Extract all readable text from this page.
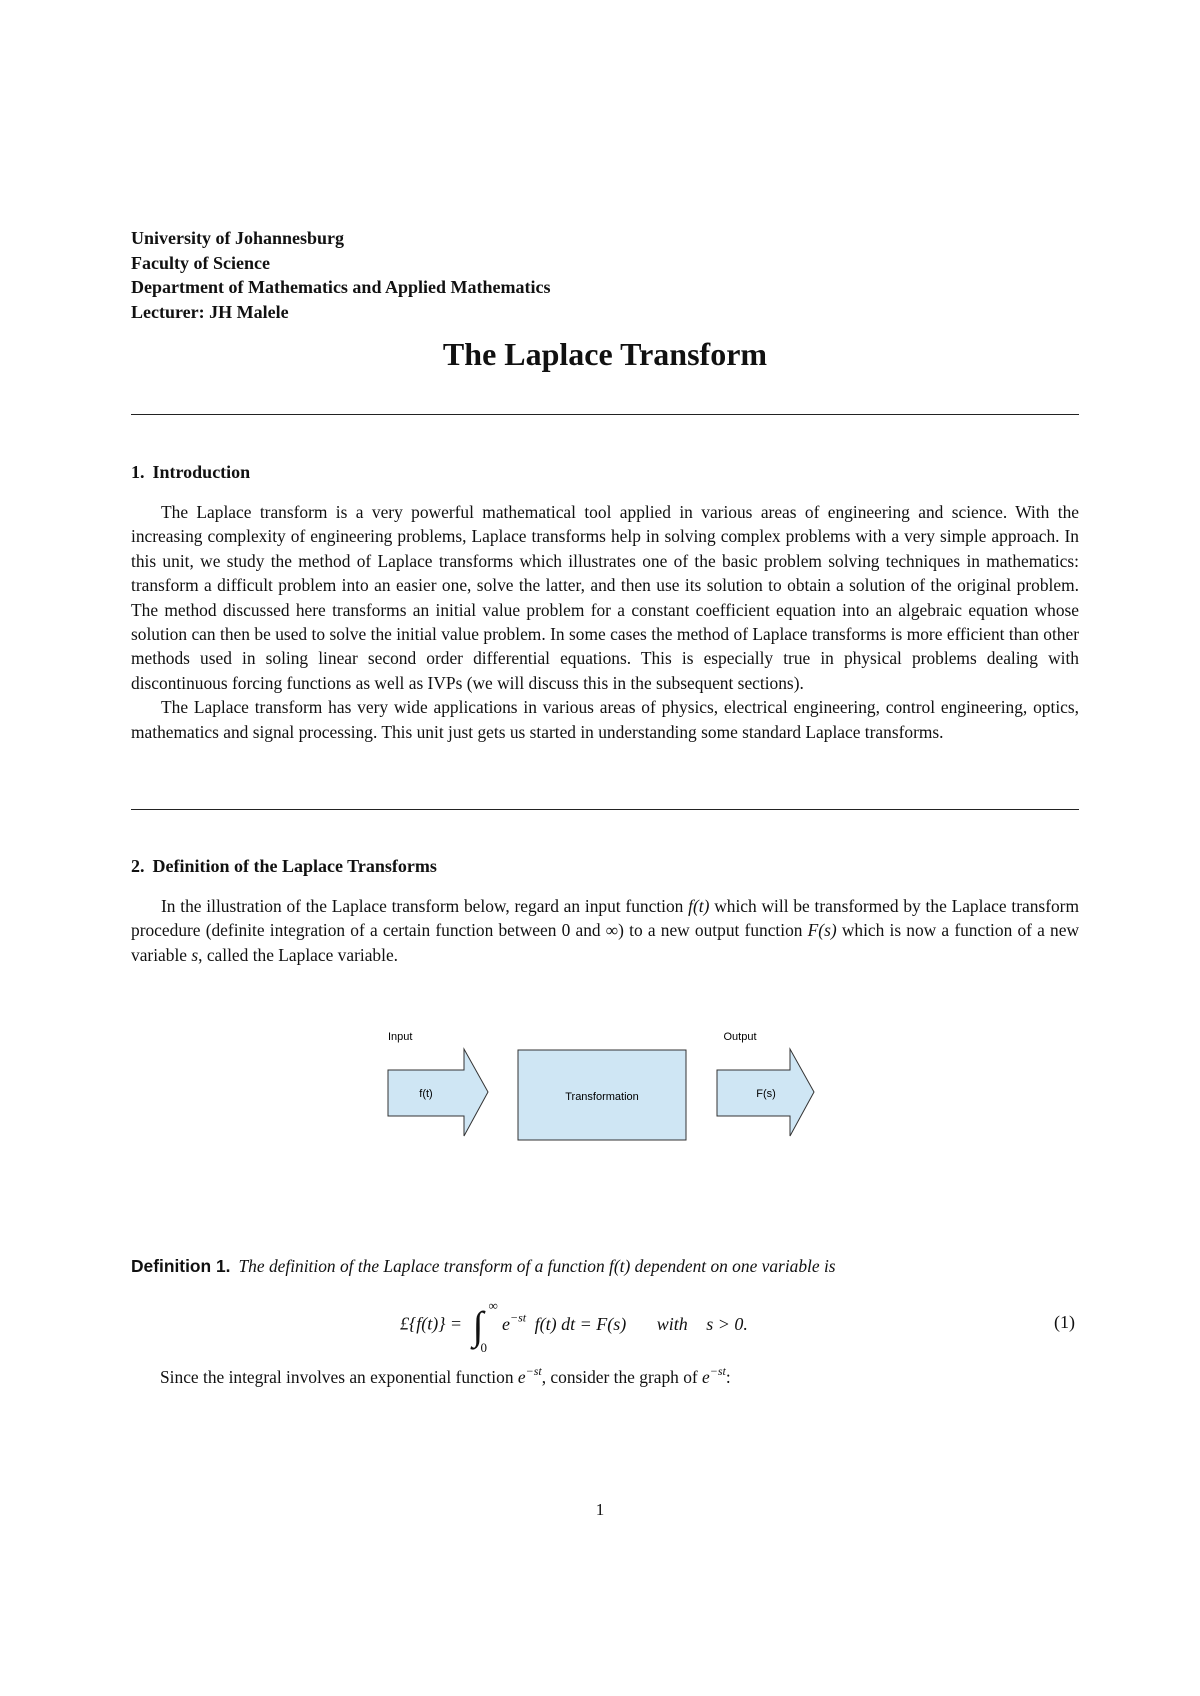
University of Johannesburg
Faculty of Science
Department of Mathematics and Applied Mathematics
Lecturer: JH Malele
The Laplace Transform
1. Introduction

The Laplace transform is a very powerful mathematical tool applied in various areas of engineering and science. With the increasing complexity of engineering problems, Laplace transforms help in solving complex problems with a very simple approach. In this unit, we study the method of Laplace transforms which illustrates one of the basic problem solving techniques in mathematics: transform a difficult problem into an easier one, solve the latter, and then use its solution to obtain a solution of the original problem. The method discussed here transforms an initial value problem for a constant coefficient equation into an algebraic equation whose solution can then be used to solve the initial value problem. In some cases the method of Laplace transforms is more efficient than other methods used in soling linear second order differential equations. This is especially true in physical problems dealing with discontinuous forcing functions as well as IVPs (we will discuss this in the subsequent sections).

The Laplace transform has very wide applications in various areas of physics, electrical engineering, control engineering, optics, mathematics and signal processing. This unit just gets us started in understanding some standard Laplace transforms.

2. Definition of the Laplace Transforms

In the illustration of the Laplace transform below, regard an input function f(t) which will be transformed by the Laplace transform procedure (definite integration of a certain function between 0 and ∞) to a new output function F(s) which is now a function of a new variable s, called the Laplace variable.

Input
f(t)	Transformation
Output
F(s)
Definition 1. The definition of the Laplace transform of a function f(t) dependent on one variable is
£{f(t)} = ∫ ∞
0
$e^{-st}$ f(t) dt = F(s) with s > 0.	(1)
Since the integral involves an exponential function $e^{-st}$, consider the graph of $e^{-st}$:
1
